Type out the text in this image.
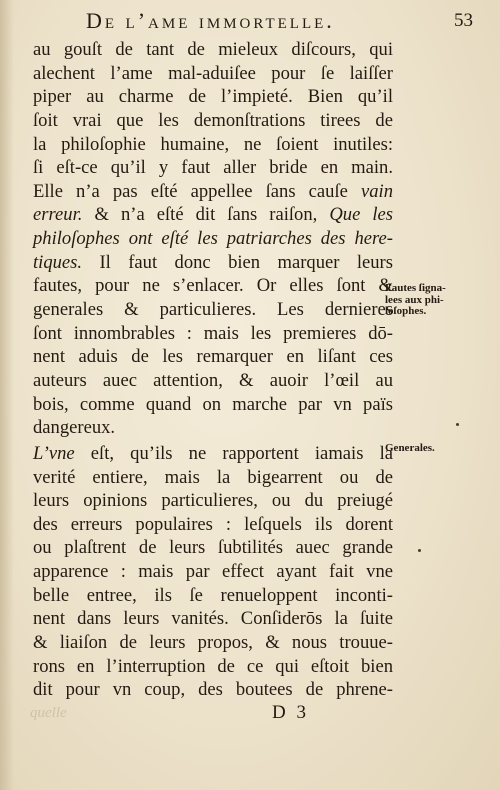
De l’ame immortelle.	53
au gouſt de tant de mieleux diſcours, qui
alechent l’ame mal-aduiſee pour ſe laiſſer
piper au charme de l’impieté. Bien qu’il
ſoit vrai que les demonſtrations tirees de
la philoſophie humaine, ne ſoient inutiles:
ſi eſt-ce qu’il y faut aller bride en main.
Elle n’a pas eſté appellee ſans cauſe vain
erreur. & n’a eſté dit ſans raiſon, Que les
philoſophes ont eſté les patriarches des here-
tiques. Il faut donc bien marquer leurs
fautes, pour ne s’enlacer. Or elles ſont &
generales & particulieres. Les dernieres
ſont innombrables : mais les premieres dō-
nent aduis de les remarquer en liſant ces
auteurs auec attention, & auoir l’œil au
bois, comme quand on marche par vn païs
dangereux.
L’vne eſt, qu’ils ne rapportent iamais la
verité entiere, mais la bigearrent ou de
leurs opinions particulieres, ou du preiugé
des erreurs populaires : leſquels ils dorent
ou plaſtrent de leurs ſubtilités auec grande
apparence : mais par effect ayant fait vne
belle entree, ils ſe renueloppent inconti-
nent dans leurs vanités. Conſiderōs la ſuite
& liaiſon de leurs propos, & nous trouue-
rons en l’interruption de ce qui eſtoit bien
dit pour vn coup, des boutees de phrene-
Fautes ſigna-
lees aux phi-
loſophes.
Generales.
D 3
quelle
